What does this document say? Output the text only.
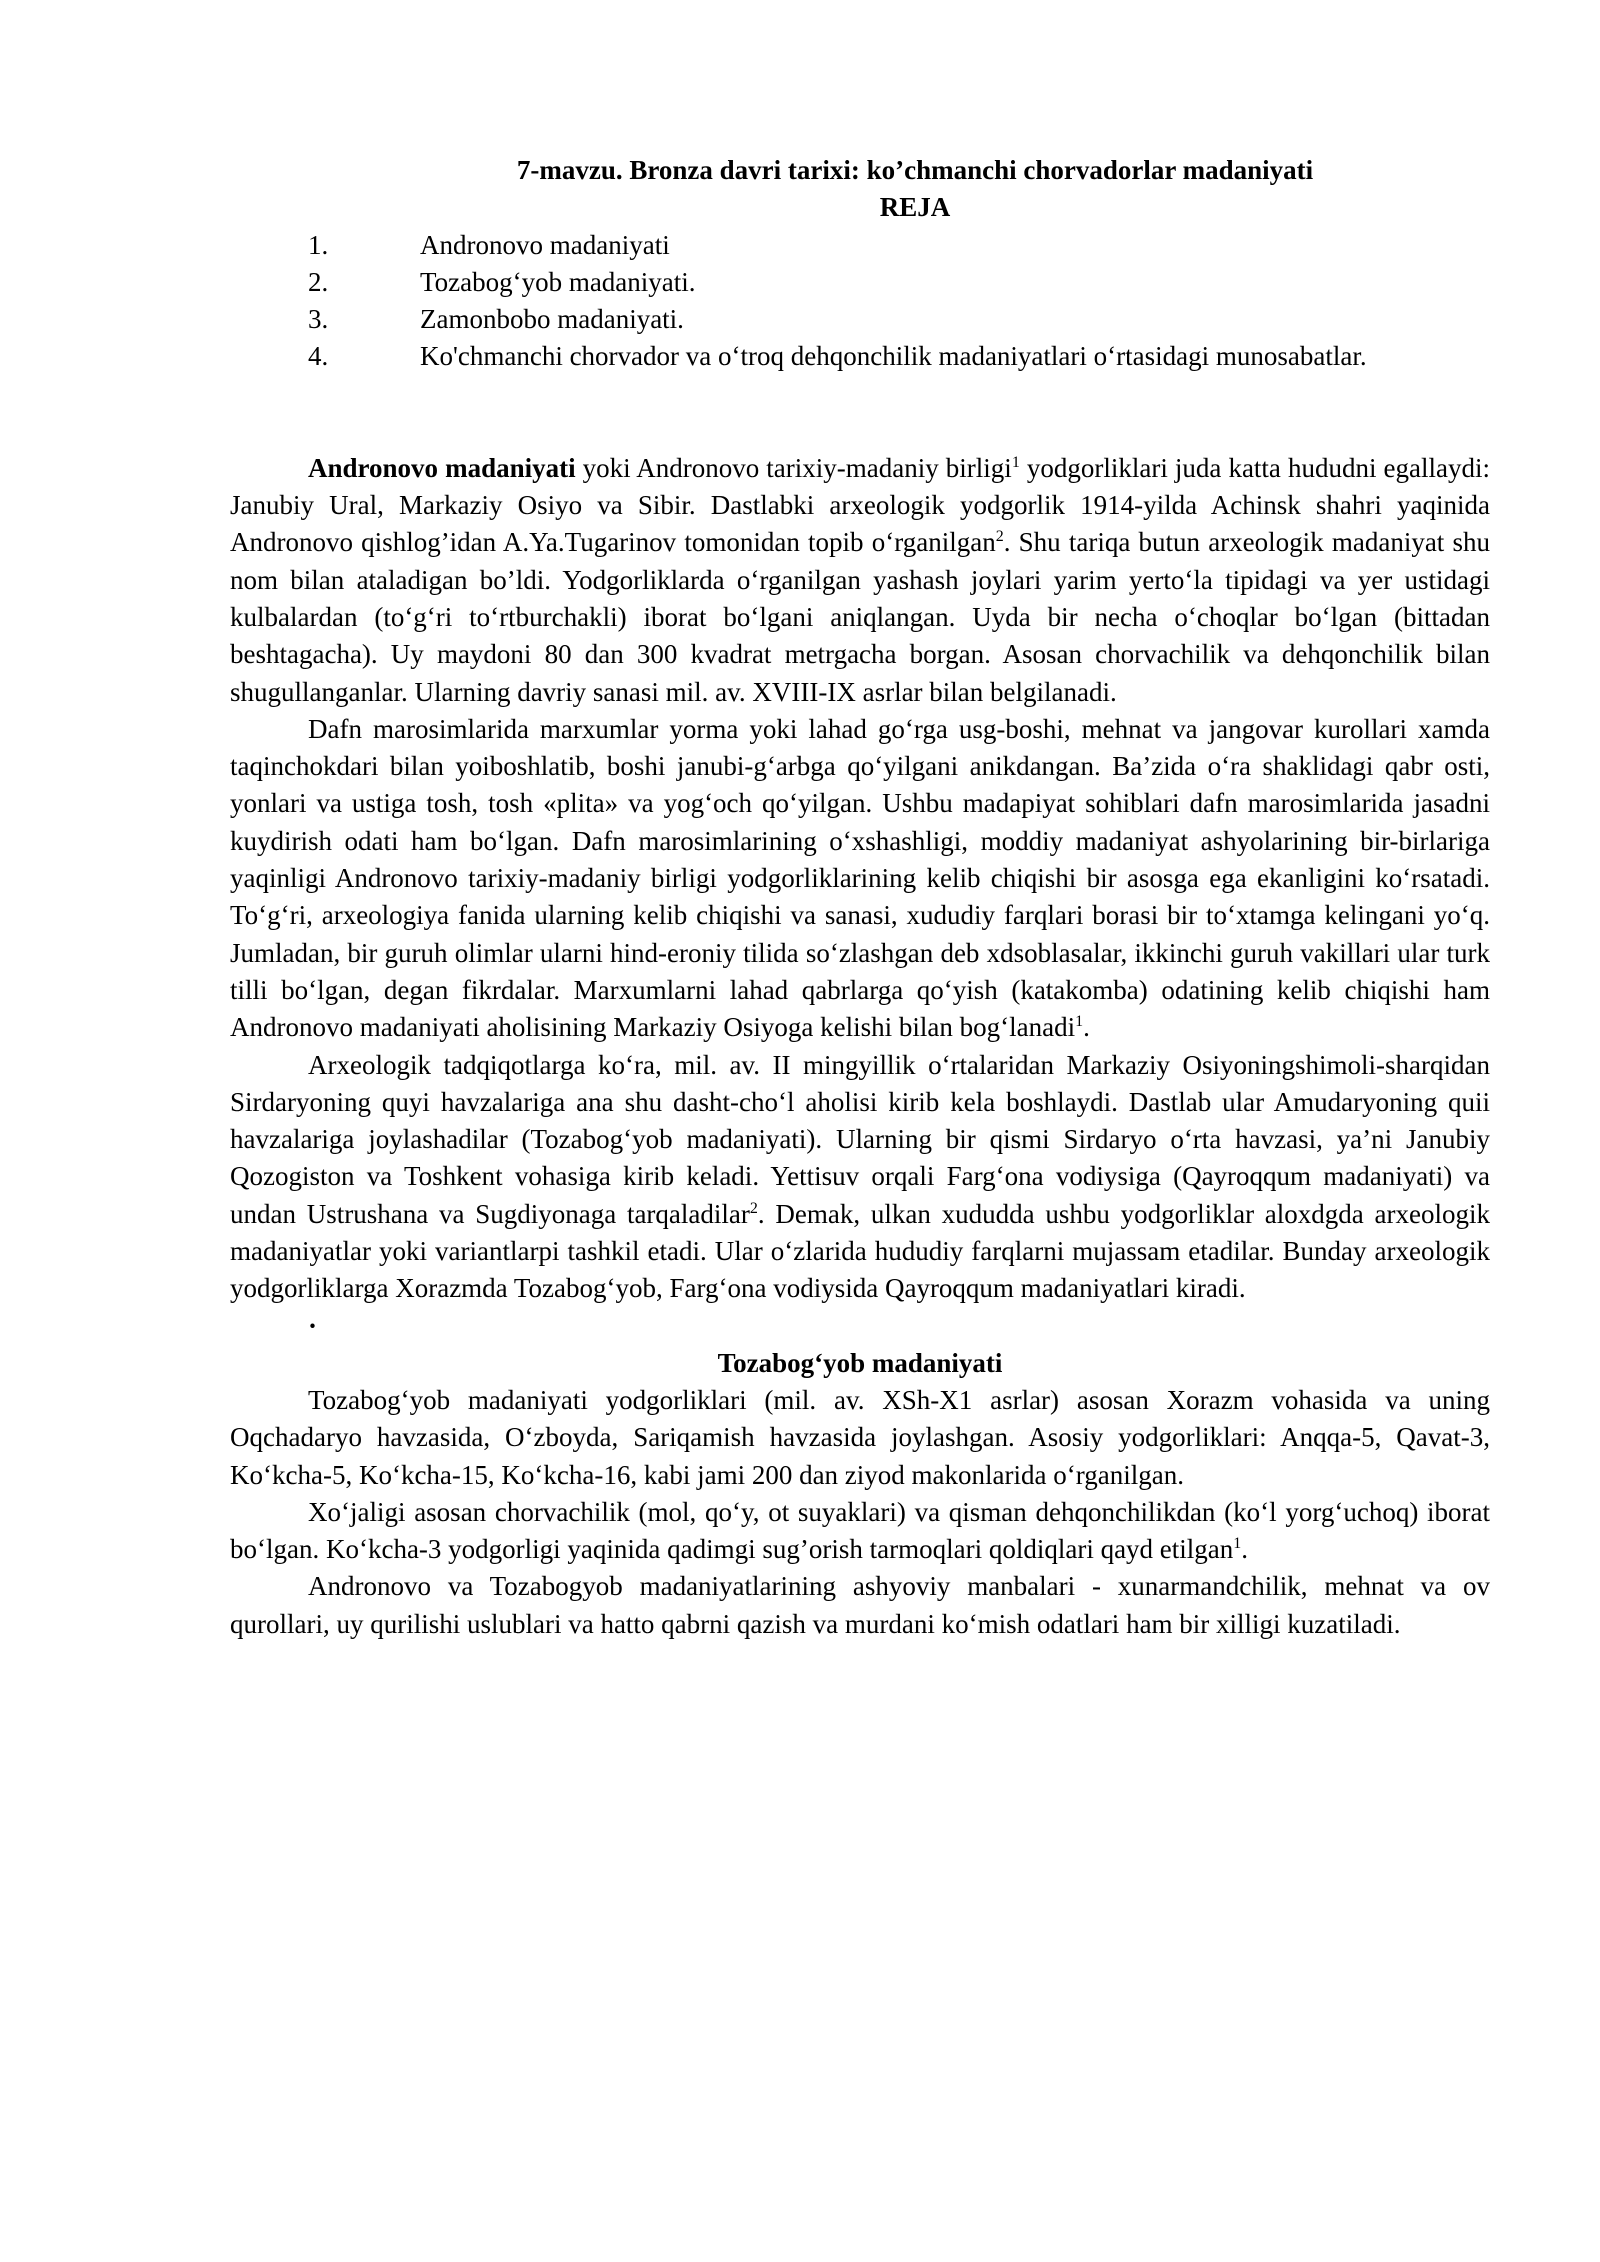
7-mavzu. Bronza davri tarixi: ko’chmanchi chorvadorlar madaniyati
REJA
1.	Andronovo madaniyati
2.	Tozabog‘yob madaniyati.
3.	Zamonbobo madaniyati.
4.	Ko'chmanchi chorvador va o‘troq dehqonchilik madaniyatlari o‘rtasidagi munosabatlar.

Andronovo madaniyati yoki Andronovo tarixiy-madaniy birligi$^1$ yodgorliklari juda katta hududni egallaydi: Janubiy Ural, Markaziy Osiyo va Sibir. Dastlabki arxeologik yodgorlik 1914-yilda Achinsk shahri yaqinida Andronovo qishlog’idan A.Ya.Tugarinov tomonidan topib o‘rganilgan$^2$. Shu tariqa butun arxeologik madaniyat shu nom bilan ataladigan bo’ldi. Yodgorliklarda o‘rganilgan yashash joylari yarim yerto‘la tipidagi va yer ustidagi kulbalardan (to‘g‘ri to‘rtburchakli) iborat bo‘lgani aniqlangan. Uyda bir necha o‘choqlar bo‘lgan (bittadan beshtagacha). Uy maydoni 80 dan 300 kvadrat metrgacha borgan. Asosan chorvachilik va dehqonchilik bilan shugullanganlar. Ularning davriy sanasi mil. av. XVIII-IX asrlar bilan belgilanadi.

Dafn marosimlarida marxumlar yorma yoki lahad go‘rga usg-boshi, mehnat va jangovar kurollari xamda taqinchokdari bilan yoiboshlatib, boshi janubi-g‘arbga qo‘yilgani anikdangan. Ba’zida o‘ra shaklidagi qabr osti, yonlari va ustiga tosh, tosh «plita» va yog‘och qo‘yilgan. Ushbu madapiyat sohiblari dafn marosimlarida jasadni kuydirish odati ham bo‘lgan. Dafn marosimlarining o‘xshashligi, moddiy madaniyat ashyolarining bir-birlariga yaqinligi Andronovo tarixiy-madaniy birligi yodgorliklarining kelib chiqishi bir asosga ega ekanligini ko‘rsatadi. To‘g‘ri, arxeologiya fanida ularning kelib chiqishi va sanasi, xududiy farqlari borasi bir to‘xtamga kelingani yo‘q. Jumladan, bir guruh olimlar ularni hind-eroniy tilida so‘zlashgan deb xdsoblasalar, ikkinchi guruh vakillari ular turk tilli bo‘lgan, degan fikrdalar. Marxumlarni lahad qabrlarga qo‘yish (katakomba) odatining kelib chiqishi ham Andronovo madaniyati aholisining Markaziy Osiyoga kelishi bilan bog‘lanadi$^1$.

Arxeologik tadqiqotlarga ko‘ra, mil. av. II mingyillik o‘rtalaridan Markaziy Osiyoningshimoli-sharqidan Sirdaryoning quyi havzalariga ana shu dasht-cho‘l aholisi kirib kela boshlaydi. Dastlab ular Amudaryoning quii havzalariga joylashadilar (Tozabog‘yob madaniyati). Ularning bir qismi Sirdaryo o‘rta havzasi, ya’ni Janubiy Qozogiston va Toshkent vohasiga kirib keladi. Yettisuv orqali Farg‘ona vodiysiga (Qayroqqum madaniyati) va undan Ustrushana va Sugdiyonaga tarqaladilar$^2$. Demak, ulkan xududda ushbu yodgorliklar aloxdgda arxeologik madaniyatlar yoki variantlarpi tashkil etadi. Ular o‘zlarida hududiy farqlarni mujassam etadilar. Bunday arxeologik yodgorliklarga Xorazmda Tozabog‘yob, Farg‘ona vodiysida Qayroqqum madaniyatlari kiradi.

·
Tozabog‘yob madaniyati

Tozabog‘yob madaniyati yodgorliklari (mil. av. XSh-X1 asrlar) asosan Xorazm vohasida va uning Oqchadaryo havzasida, O‘zboyda, Sariqamish havzasida joylashgan. Asosiy yodgorliklari: Anqqa-5, Qavat-3, Ko‘kcha-5, Ko‘kcha-15, Ko‘kcha-16, kabi jami 200 dan ziyod makonlarida o‘rganilgan.

Xo‘jaligi asosan chorvachilik (mol, qo‘y, ot suyaklari) va qisman dehqonchilikdan (ko‘l yorg‘uchoq) iborat bo‘lgan. Ko‘kcha-3 yodgorligi yaqinida qadimgi sug’orish tarmoqlari qoldiqlari qayd etilgan$^1$.

Andronovo va Tozabogyob madaniyatlarining ashyoviy manbalari - xunarmandchilik, mehnat va ov qurollari, uy qurilishi uslublari va hatto qabrni qazish va murdani ko‘mish odatlari ham bir xilligi kuzatiladi.
